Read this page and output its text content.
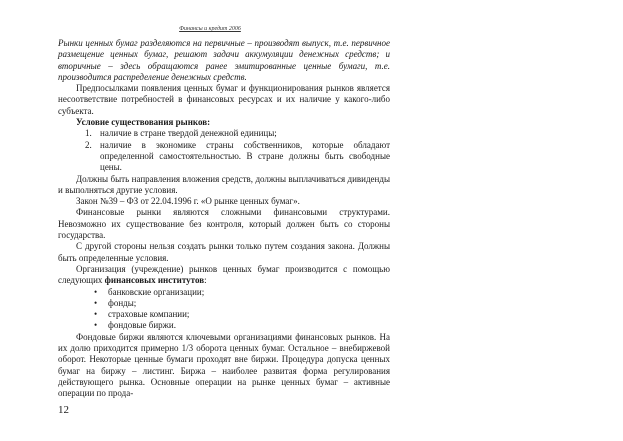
Финансы и кредит 2006

Рынки ценных бумаг разделяются на первичные – производят выпуск, т.е. первичное размещение ценных бумаг, решают задачи аккумуляции денежных средств; и вторичные – здесь обращаются ранее эмитированные ценные бумаги, т.е. производится распределение денежных средств.

Предпосылками появления ценных бумаг и функционирования рынков является несоответствие потребностей в финансовых ресурсах и их наличие у какого-либо субъекта.

Условие существования рынков:

1. наличие в стране твердой денежной единицы;
2. наличие в экономике страны собственников, которые обладают определенной самостоятельностью. В стране должны быть свободные цены.

Должны быть направления вложения средств, должны выплачиваться дивиденды и выполняться другие условия.

Закон №39 – ФЗ от 22.04.1996 г. «О рынке ценных бумаг».

Финансовые рынки являются сложными финансовыми структурами. Невозможно их существование без контроля, который должен быть со стороны государства.

С другой стороны нельзя создать рынки только путем создания закона. Должны быть определенные условия.

Организация (учреждение) рынков ценных бумаг производится с помощью следующих финансовых институтов:

• банковские организации;
• фонды;
• страховые компании;
• фондовые биржи.

Фондовые биржи являются ключевыми организациями финансовых рынков. На их долю приходится примерно 1/3 оборота ценных бумаг. Остальное – внебиржевой оборот. Некоторые ценные бумаги проходят вне биржи. Процедура допуска ценных бумаг на биржу – листинг. Биржа – наиболее развитая форма регулирования действующего рынка. Основные операции на рынке ценных бумаг – активные операции по прода-

12
